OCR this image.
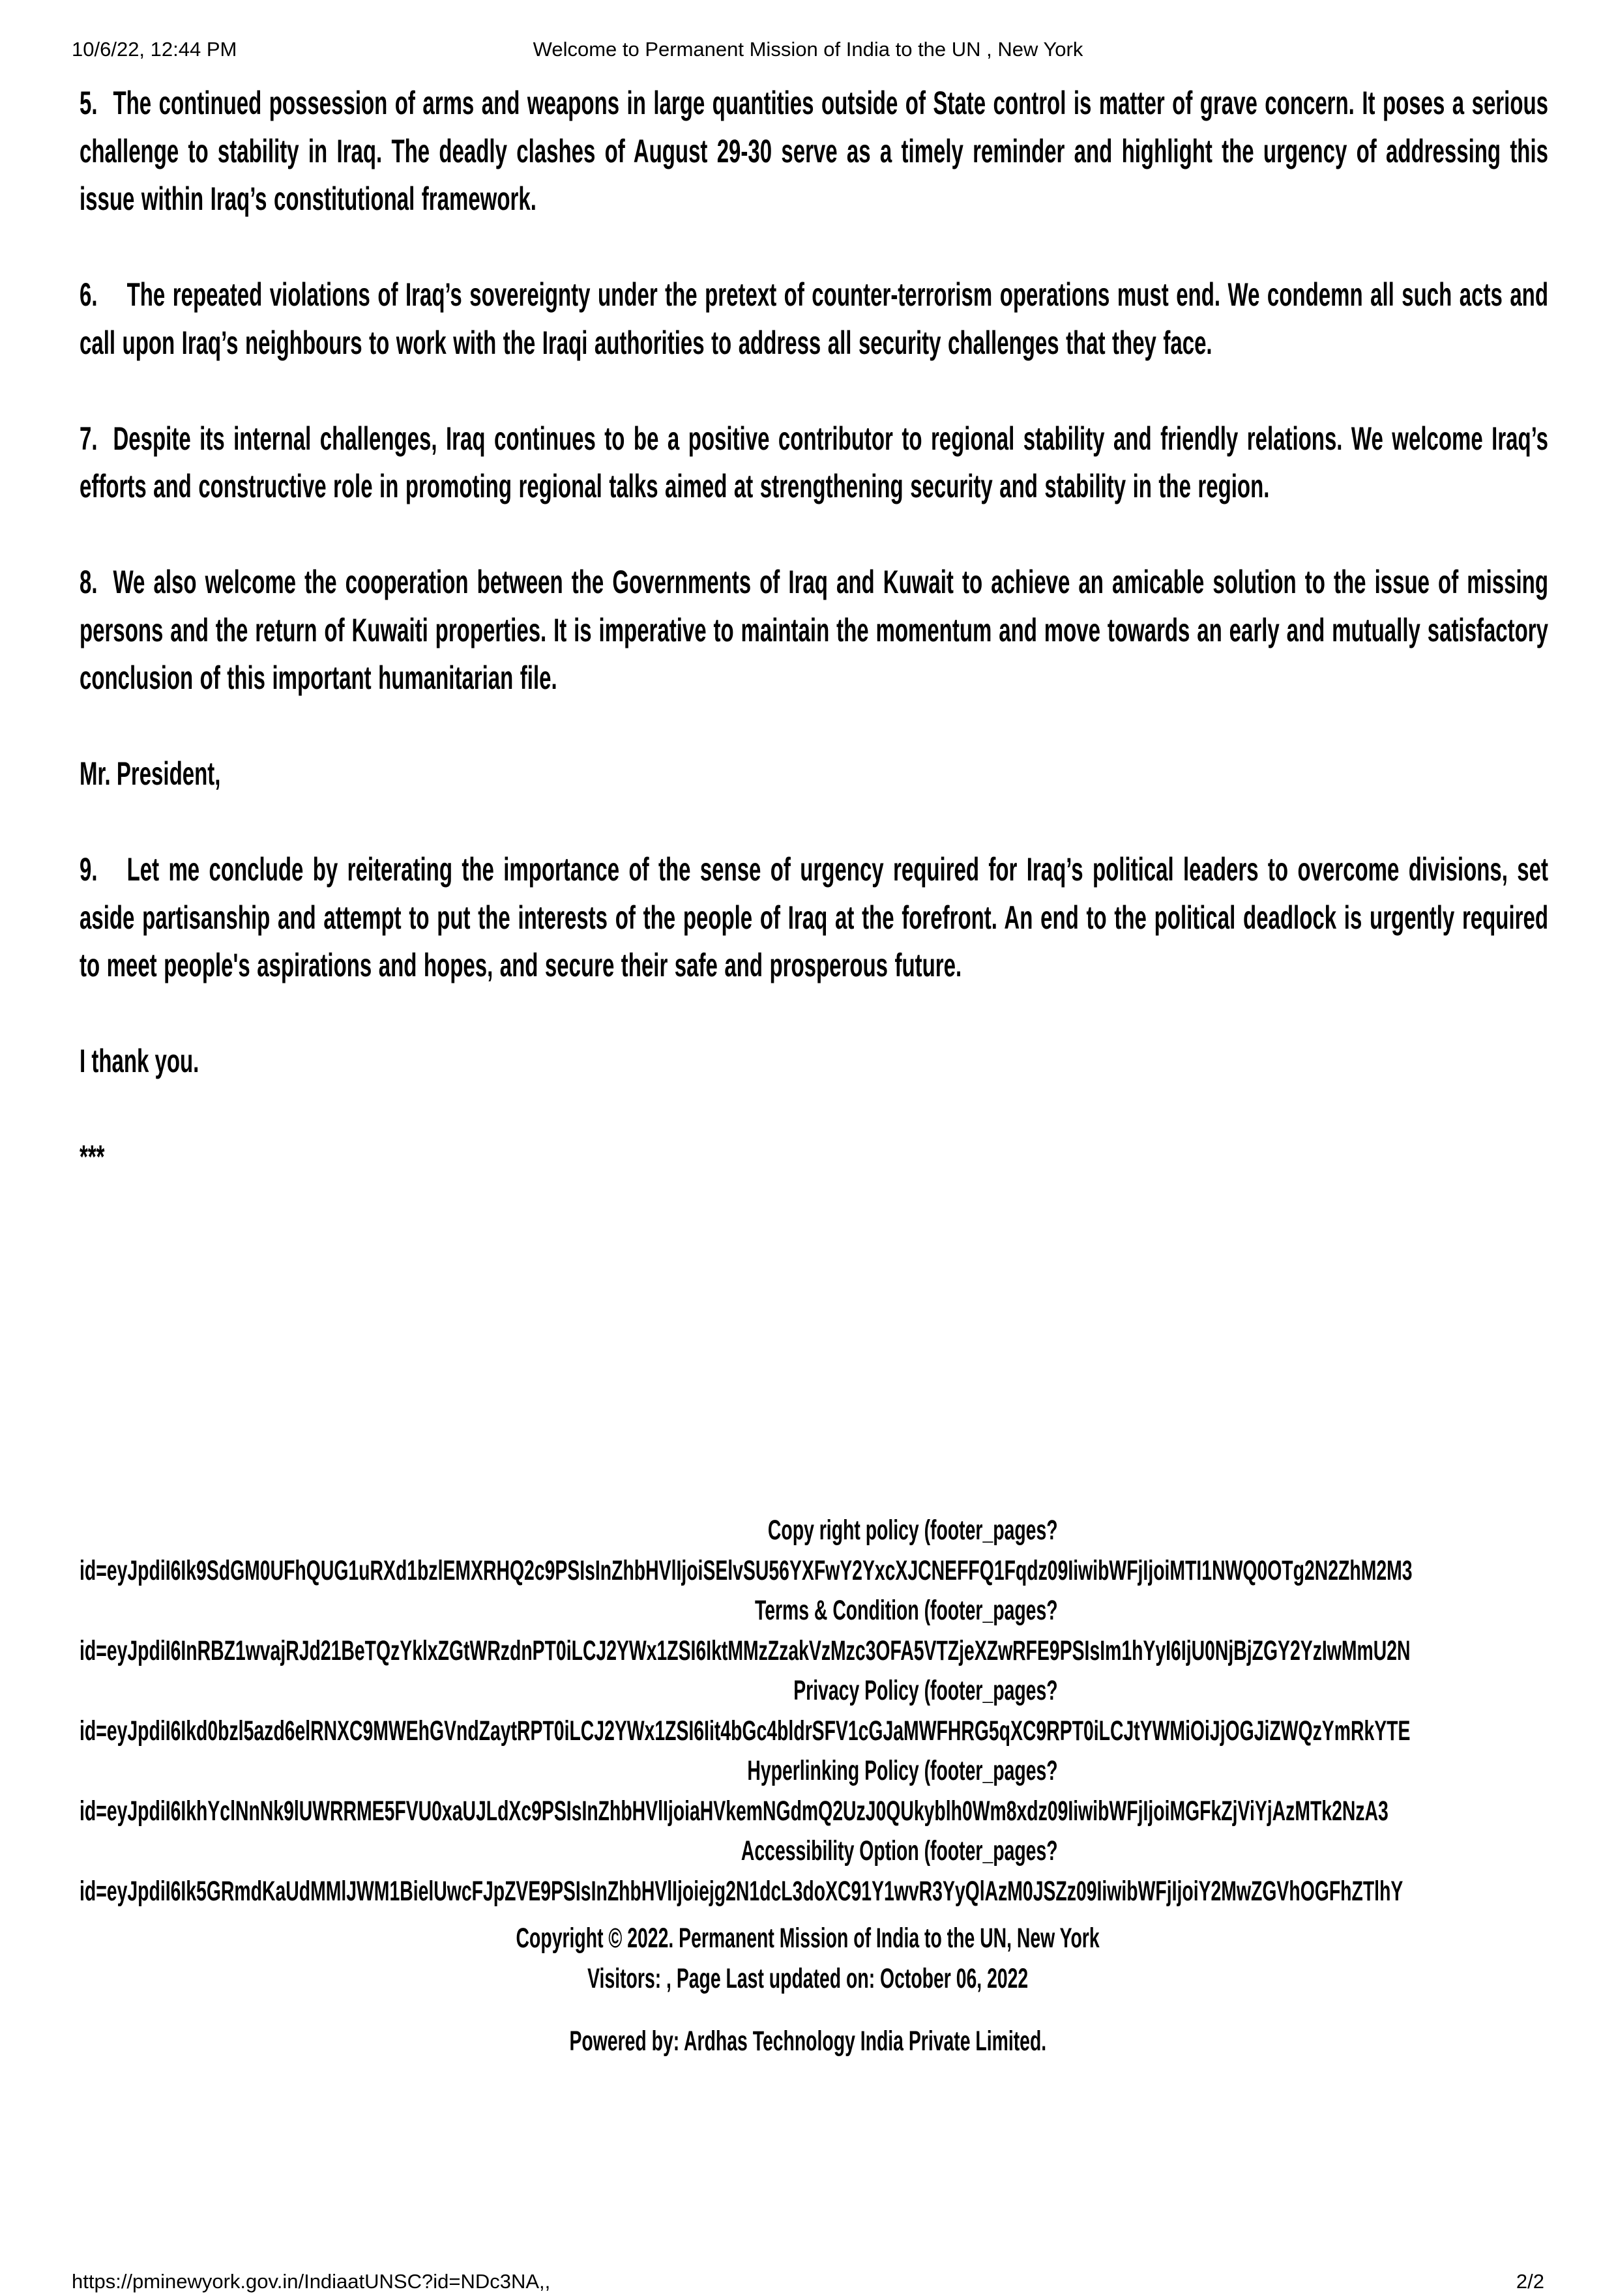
10/6/22, 12:44 PM	Welcome to Permanent Mission of India to the UN , New York

5. The continued possession of arms and weapons in large quantities outside of State control is matter of grave concern. It poses a serious challenge to stability in Iraq. The deadly clashes of August 29-30 serve as a timely reminder and highlight the urgency of addressing this issue within Iraq’s constitutional framework.

6. The repeated violations of Iraq’s sovereignty under the pretext of counter-terrorism operations must end. We condemn all such acts and call upon Iraq’s neighbours to work with the Iraqi authorities to address all security challenges that they face.

7. Despite its internal challenges, Iraq continues to be a positive contributor to regional stability and friendly relations. We welcome Iraq’s efforts and constructive role in promoting regional talks aimed at strengthening security and stability in the region.

8. We also welcome the cooperation between the Governments of Iraq and Kuwait to achieve an amicable solution to the issue of missing persons and the return of Kuwaiti properties. It is imperative to maintain the momentum and move towards an early and mutually satisfactory conclusion of this important humanitarian file.

Mr. President,

9. Let me conclude by reiterating the importance of the sense of urgency required for Iraq’s political leaders to overcome divisions, set aside partisanship and attempt to put the interests of the people of Iraq at the forefront. An end to the political deadlock is urgently required to meet people's aspirations and hopes, and secure their safe and prosperous future.

I thank you.

***

Copy right policy (footer_pages?
id=eyJpdiI6Ik9SdGM0UFhQUG1uRXd1bzlEMXRHQ2c9PSIsInZhbHVlIjoiSElvSU56YXFwY2YxcXJCNEFFQ1Fqdz09IiwibWFjIjoiMTI1NWQ0OTg2N2ZhM2M3
Terms & Condition (footer_pages?
id=eyJpdiI6InRBZ1wvajRJd21BeTQzYklxZGtWRzdnPT0iLCJ2YWx1ZSI6IktMMzZzakVzMzc3OFA5VTZjeXZwRFE9PSIsIm1hYyI6IjU0NjBjZGY2YzIwMmU2N
Privacy Policy (footer_pages?
id=eyJpdiI6Ikd0bzl5azd6elRNXC9MWEhGVndZaytRPT0iLCJ2YWx1ZSI6Iit4bGc4bldrSFV1cGJaMWFHRG5qXC9RPT0iLCJtYWMiOiJjOGJiZWQzYmRkYTE
Hyperlinking Policy (footer_pages?
id=eyJpdiI6IkhYclNnNk9lUWRRME5FVU0xaUJLdXc9PSIsInZhbHVlIjoiaHVkemNGdmQ2UzJ0QUkyblh0Wm8xdz09IiwibWFjIjoiMGFkZjViYjAzMTk2NzA3
Accessibility Option (footer_pages?
id=eyJpdiI6Ik5GRmdKaUdMMlJWM1BielUwcFJpZVE9PSIsInZhbHVlIjoiejg2N1dcL3doXC91Y1wvR3YyQlAzM0JSZz09IiwibWFjIjoiY2MwZGVhOGFhZTlhY
Copyright © 2022. Permanent Mission of India to the UN, New York
Visitors: , Page Last updated on: October 06, 2022
Powered by: Ardhas Technology India Private Limited.
https://pminewyork.gov.in/IndiaatUNSC?id=NDc3NA,,	2/2
